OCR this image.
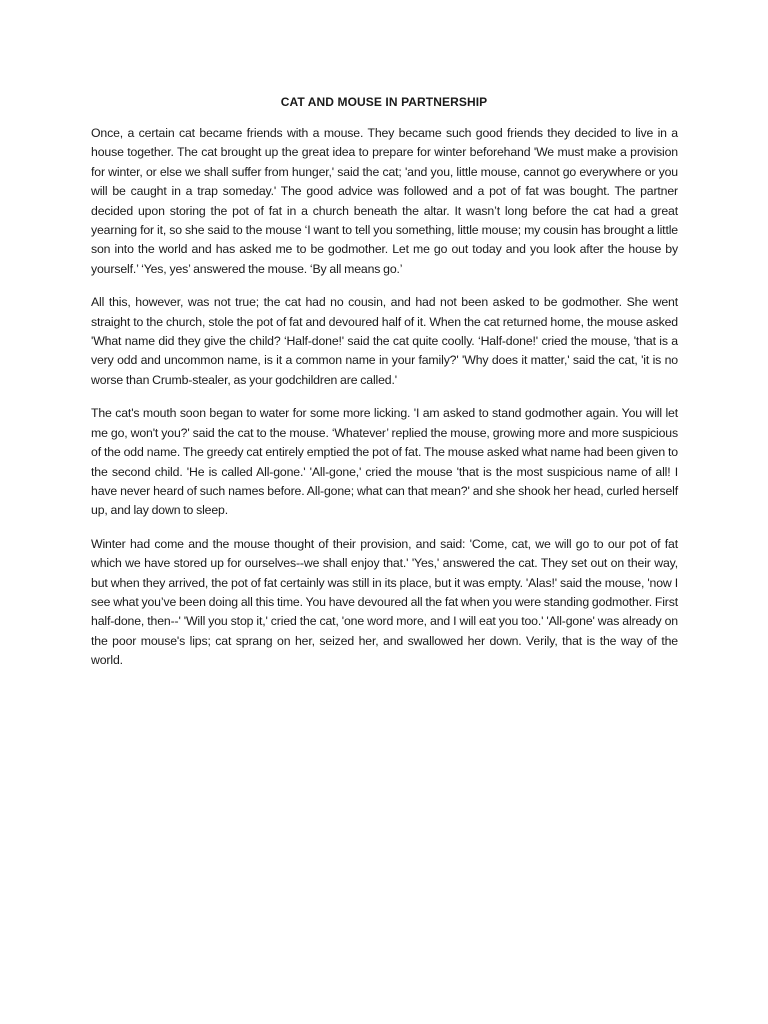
CAT AND MOUSE IN PARTNERSHIP

Once, a certain cat became friends with a mouse. They became such good friends they decided to live in a house together. The cat brought up the great idea to prepare for winter beforehand 'We must make a provision for winter, or else we shall suffer from hunger,' said the cat; 'and you, little mouse, cannot go everywhere or you will be caught in a trap someday.' The good advice was followed and a pot of fat was bought. The partner decided upon storing the pot of fat in a church beneath the altar. It wasn’t long before the cat had a great yearning for it, so she said to the mouse ‘I want to tell you something, little mouse; my cousin has brought a little son into the world and has asked me to be godmother. Let me go out today and you look after the house by yourself.’ ‘Yes, yes’ answered the mouse. ‘By all means go.’

All this, however, was not true; the cat had no cousin, and had not been asked to be godmother. She went straight to the church, stole the pot of fat and devoured half of it. When the cat returned home, the mouse asked 'What name did they give the child? ‘Half-done!' said the cat quite coolly. ‘Half-done!' cried the mouse, 'that is a very odd and uncommon name, is it a common name in your family?' 'Why does it matter,' said the cat, 'it is no worse than Crumb-stealer, as your godchildren are called.'

The cat's mouth soon began to water for some more licking. 'I am asked to stand godmother again. You will let me go, won't you?' said the cat to the mouse. ‘Whatever’ replied the mouse, growing more and more suspicious of the odd name. The greedy cat entirely emptied the pot of fat. The mouse asked what name had been given to the second child. 'He is called All-gone.' 'All-gone,' cried the mouse 'that is the most suspicious name of all! I have never heard of such names before. All-gone; what can that mean?' and she shook her head, curled herself up, and lay down to sleep.

Winter had come and the mouse thought of their provision, and said: 'Come, cat, we will go to our pot of fat which we have stored up for ourselves--we shall enjoy that.' 'Yes,' answered the cat. They set out on their way, but when they arrived, the pot of fat certainly was still in its place, but it was empty. 'Alas!' said the mouse, 'now I see what you’ve been doing all this time. You have devoured all the fat when you were standing godmother. First half-done, then--' 'Will you stop it,' cried the cat, 'one word more, and I will eat you too.' 'All-gone' was already on the poor mouse's lips; cat sprang on her, seized her, and swallowed her down. Verily, that is the way of the world.
